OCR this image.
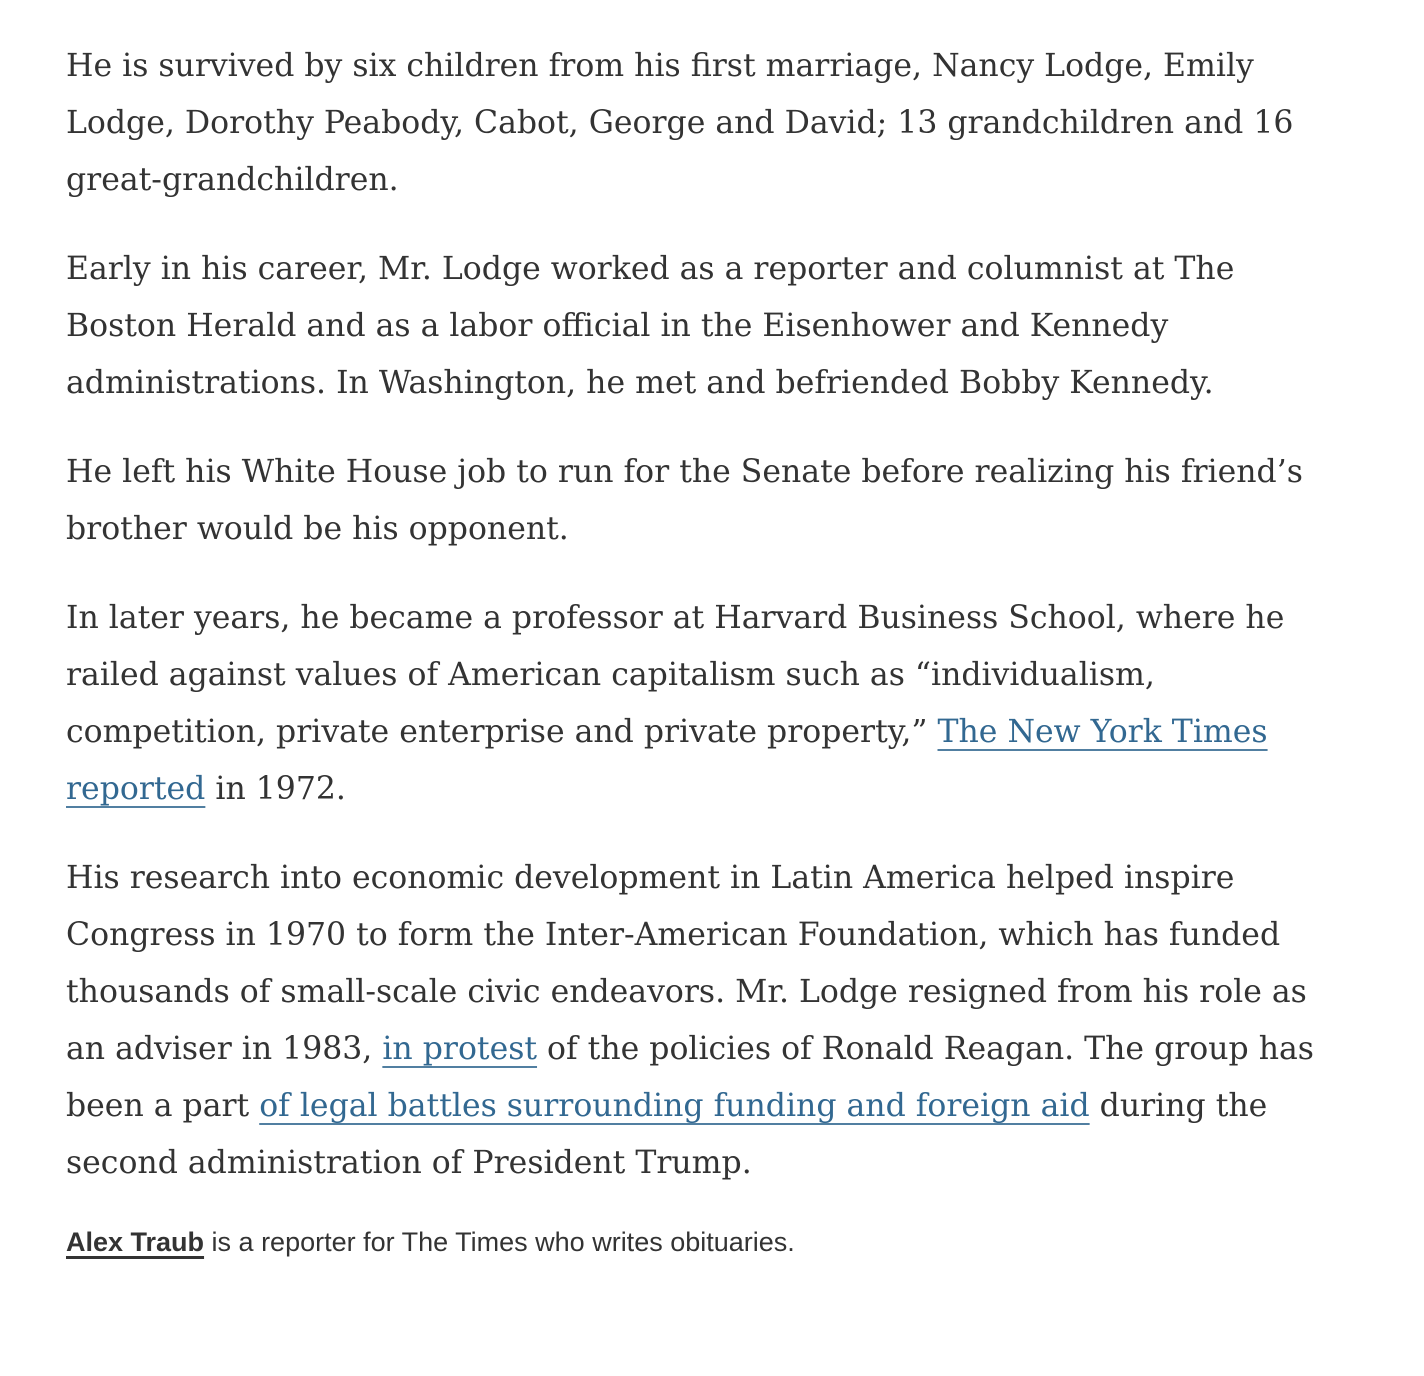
He is survived by six children from his first marriage, Nancy Lodge, Emily Lodge, Dorothy Peabody, Cabot, George and David; 13 grandchildren and 16 great-grandchildren.

Early in his career, Mr. Lodge worked as a reporter and columnist at The Boston Herald and as a labor official in the Eisenhower and Kennedy administrations. In Washington, he met and befriended Bobby Kennedy.

He left his White House job to run for the Senate before realizing his friend’s brother would be his opponent.

In later years, he became a professor at Harvard Business School, where he railed against values of American capitalism such as “individualism, competition, private enterprise and private property,” The New York Times reported in 1972.

His research into economic development in Latin America helped inspire Congress in 1970 to form the Inter-American Foundation, which has funded thousands of small-scale civic endeavors. Mr. Lodge resigned from his role as an adviser in 1983, in protest of the policies of Ronald Reagan. The group has been a part of legal battles surrounding funding and foreign aid during the second administration of President Trump.

Alex Traub is a reporter for The Times who writes obituaries.
